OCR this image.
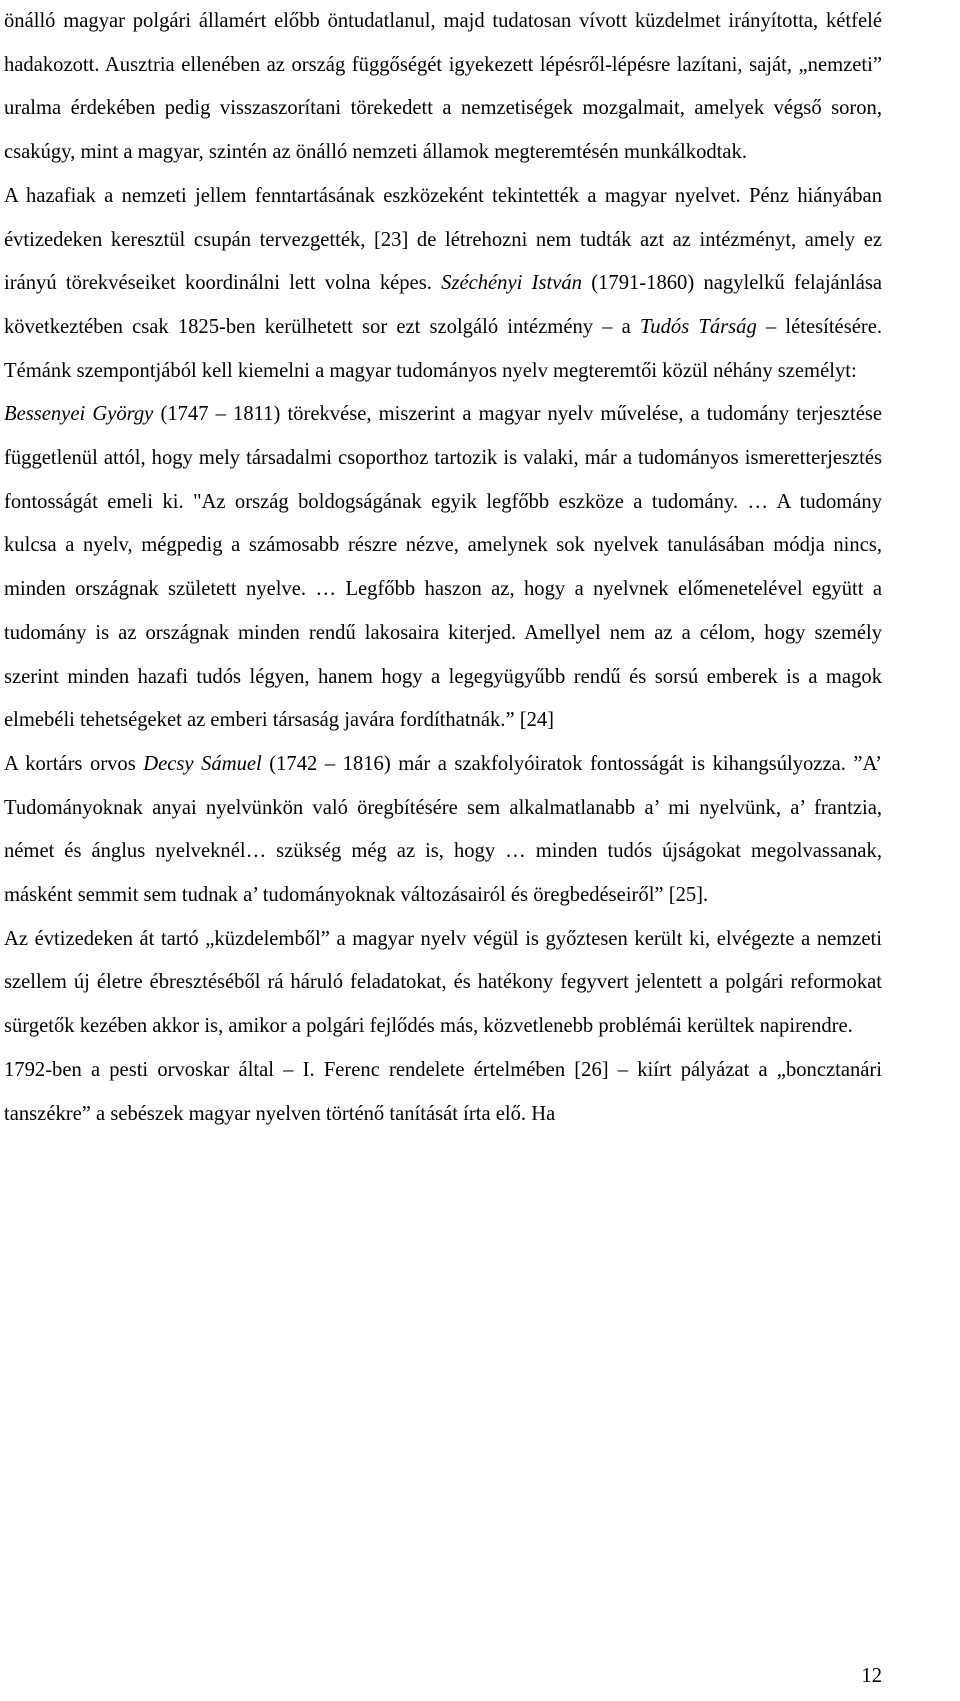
önálló magyar polgári államért előbb öntudatlanul, majd tudatosan vívott küzdelmet irányította, kétfelé hadakozott. Ausztria ellenében az ország függőségét igyekezett lépésről-lépésre lazítani, saját, „nemzeti” uralma érdekében pedig visszaszorítani törekedett a nemzetiségek mozgalmait, amelyek végső soron, csakúgy, mint a magyar, szintén az önálló nemzeti államok megteremtésén munkálkodtak.

A hazafiak a nemzeti jellem fenntartásának eszközeként tekintették a magyar nyelvet. Pénz hiányában évtizedeken keresztül csupán tervezgették, [23] de létrehozni nem tudták azt az intézményt, amely ez irányú törekvéseiket koordinálni lett volna képes. Széchényi István (1791-1860) nagylelkű felajánlása következtében csak 1825-ben kerülhetett sor ezt szolgáló intézmény – a Tudós Társág – létesítésére. Témánk szempontjából kell kiemelni a magyar tudományos nyelv megteremtői közül néhány személyt:

Bessenyei György (1747 – 1811) törekvése, miszerint a magyar nyelv művelése, a tudomány terjesztése függetlenül attól, hogy mely társadalmi csoporthoz tartozik is valaki, már a tudományos ismeretterjesztés fontosságát emeli ki. "Az ország boldogságának egyik legfőbb eszköze a tudomány. … A tudomány kulcsa a nyelv, mégpedig a számosabb részre nézve, amelynek sok nyelvek tanulásában módja nincs, minden országnak született nyelve. … Legfőbb haszon az, hogy a nyelvnek előmenetelével együtt a tudomány is az országnak minden rendű lakosaira kiterjed. Amellyel nem az a célom, hogy személy szerint minden hazafi tudós légyen, hanem hogy a legegyügyűbb rendű és sorsú emberek is a magok elmebéli tehetségeket az emberi társaság javára fordíthatnák.” [24]

A kortárs orvos Decsy Sámuel (1742 – 1816) már a szakfolyóiratok fontosságát is kihangsúlyozza. ”A’ Tudományoknak anyai nyelvünkön való öregbítésére sem alkalmatlanabb a’ mi nyelvünk, a’ frantzia, német és ánglus nyelveknél… szükség még az is, hogy … minden tudós újságokat megolvassanak, másként semmit sem tudnak a’ tudományoknak változásairól és öregbedéseiről” [25].

Az évtizedeken át tartó „küzdelemből” a magyar nyelv végül is győztesen került ki, elvégezte a nemzeti szellem új életre ébresztéséből rá háruló feladatokat, és hatékony fegyvert jelentett a polgári reformokat sürgetők kezében akkor is, amikor a polgári fejlődés más, közvetlenebb problémái kerültek napirendre.

1792-ben a pesti orvoskar által – I. Ferenc rendelete értelmében [26] – kiírt pályázat a „boncztanári tanszékre” a sebészek magyar nyelven történő tanítását írta elő. Ha

12
